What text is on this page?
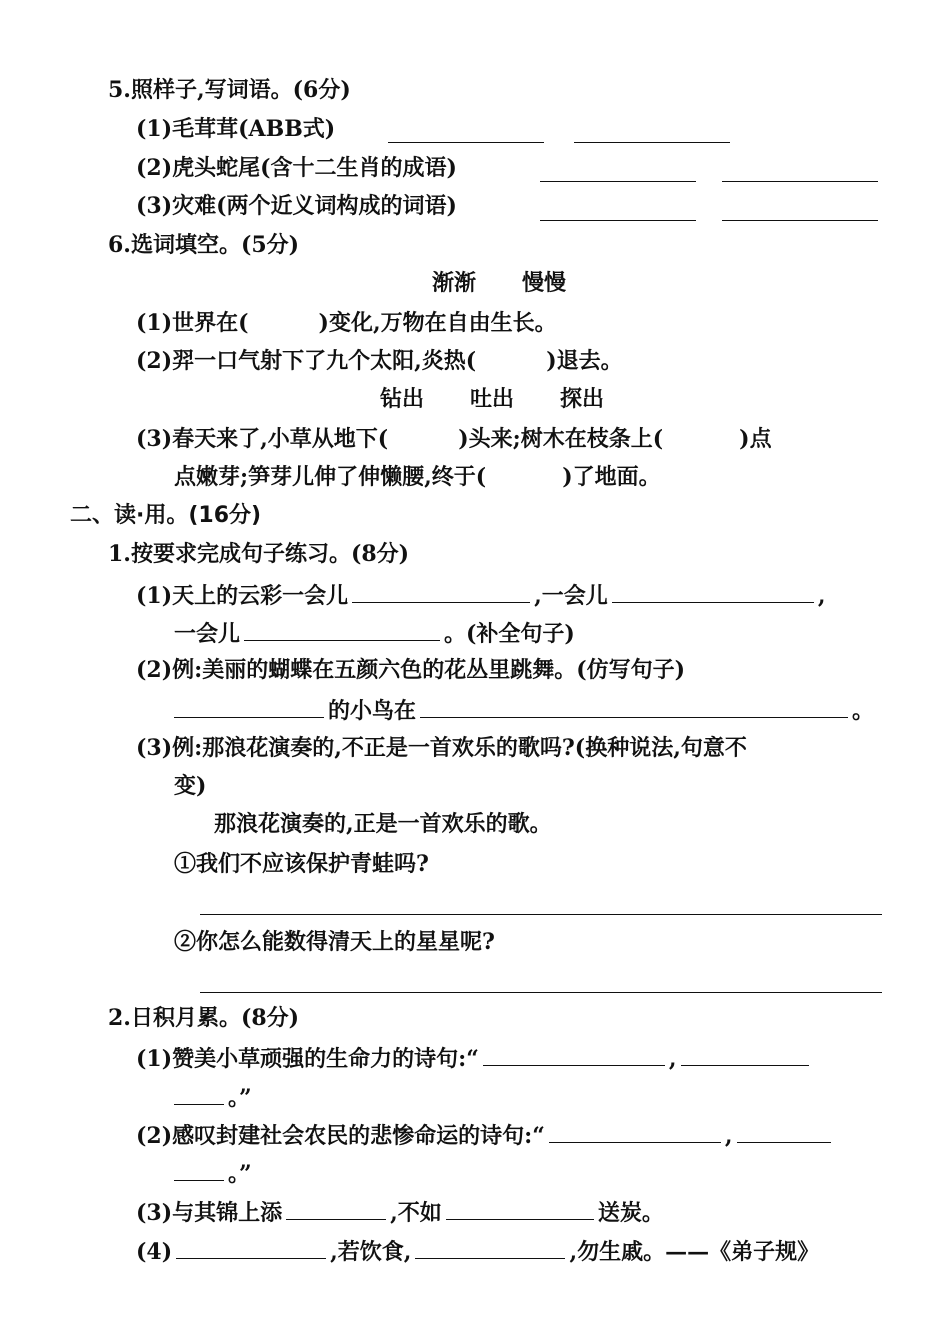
5.照样子,写词语。(6分)
(1)毛茸茸(ABB式)
(2)虎头蛇尾(含十二生肖的成语)
(3)灾难(两个近义词构成的词语)
6.选词填空。(5分)
渐渐 慢慢
(1)世界在(	)变化,万物在自由生长。
(2)羿一口气射下了九个太阳,炎热(	)退去。
钻出 吐出 探出
(3)春天来了,小草从地下(	)头来;树木在枝条上(	)点
点嫩芽;笋芽儿伸了伸懒腰,终于(	)了地面。
二、读·用。(16分)
1.按要求完成句子练习。(8分)
(1)天上的云彩一会儿	,一会儿	,
一会儿	。(补全句子)
(2)例:美丽的蝴蝶在五颜六色的花丛里跳舞。(仿写句子)
的小鸟在	。
(3)例:那浪花演奏的,不正是一首欢乐的歌吗?(换种说法,句意不
变)
那浪花演奏的,正是一首欢乐的歌。
①我们不应该保护青蛙吗?
②你怎么能数得清天上的星星呢?
2.日积月累。(8分)
(1)赞美小草顽强的生命力的诗句:“	,
。”
(2)感叹封建社会农民的悲惨命运的诗句:“	,
。”
(3)与其锦上添	,不如	送炭。
(4)	,若饮食,	,勿生戚。——《弟子规》
